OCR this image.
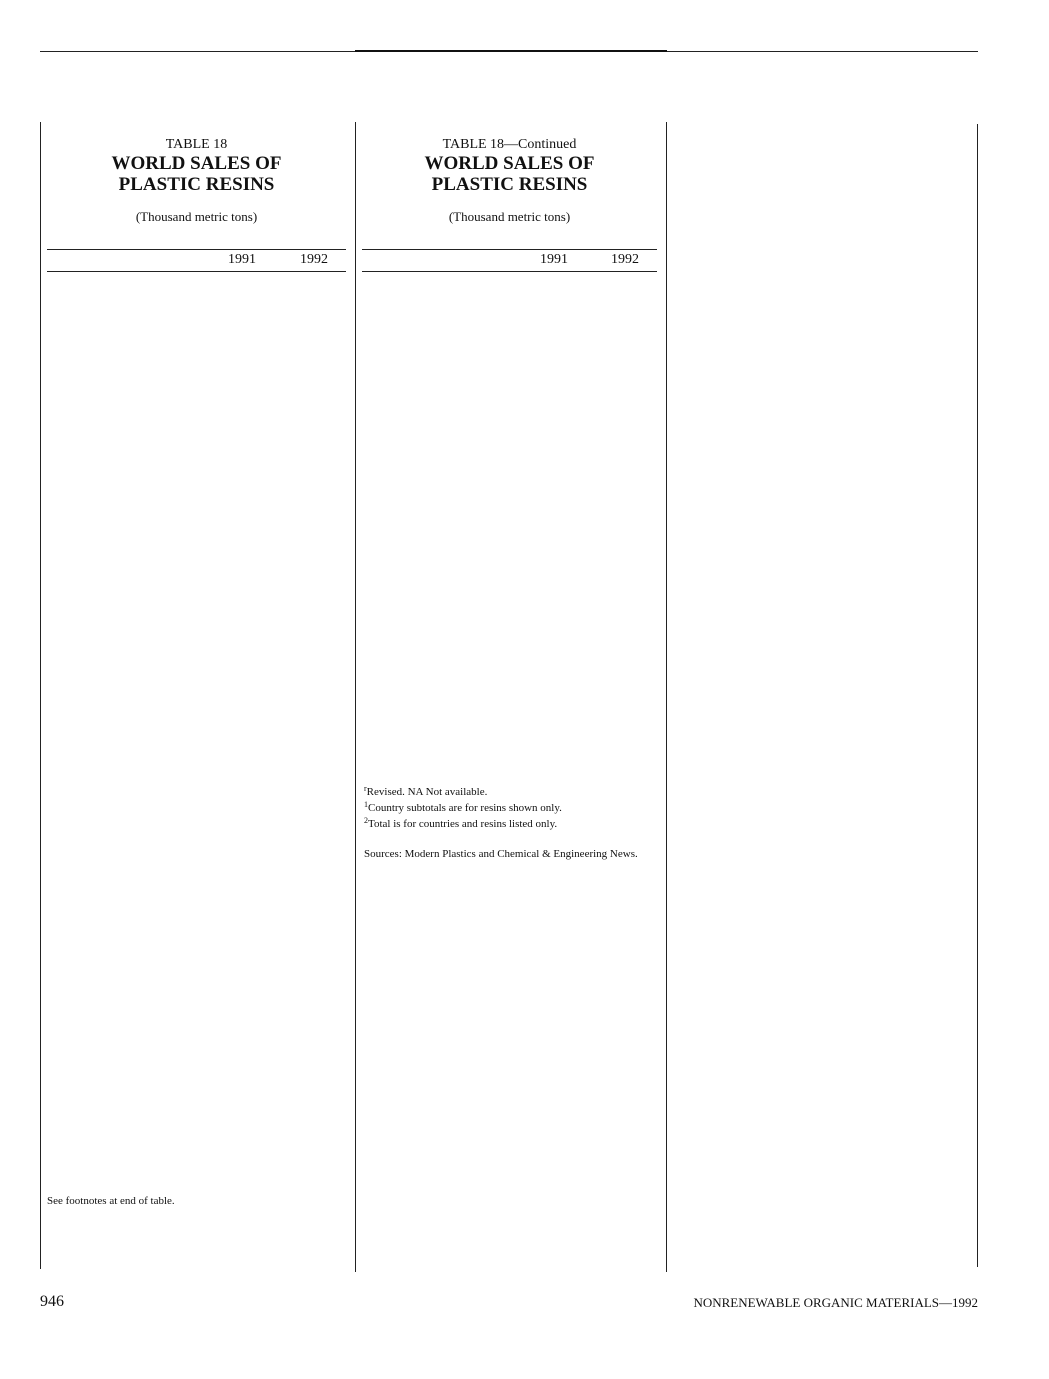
TABLE 18
WORLD SALES OF
PLASTIC RESINS
(Thousand metric tons)
TABLE 18—Continued
WORLD SALES OF
PLASTIC RESINS
(Thousand metric tons)
1991	1992
See footnotes at end of table.
1991	1992
$^r$Revised. NA Not available.
$^1$Country subtotals are for resins shown only.
$^2$Total is for countries and resins listed only.
Sources: Modern Plastics and Chemical & Engineering News.
946	NONRENEWABLE ORGANIC MATERIALS—1992
